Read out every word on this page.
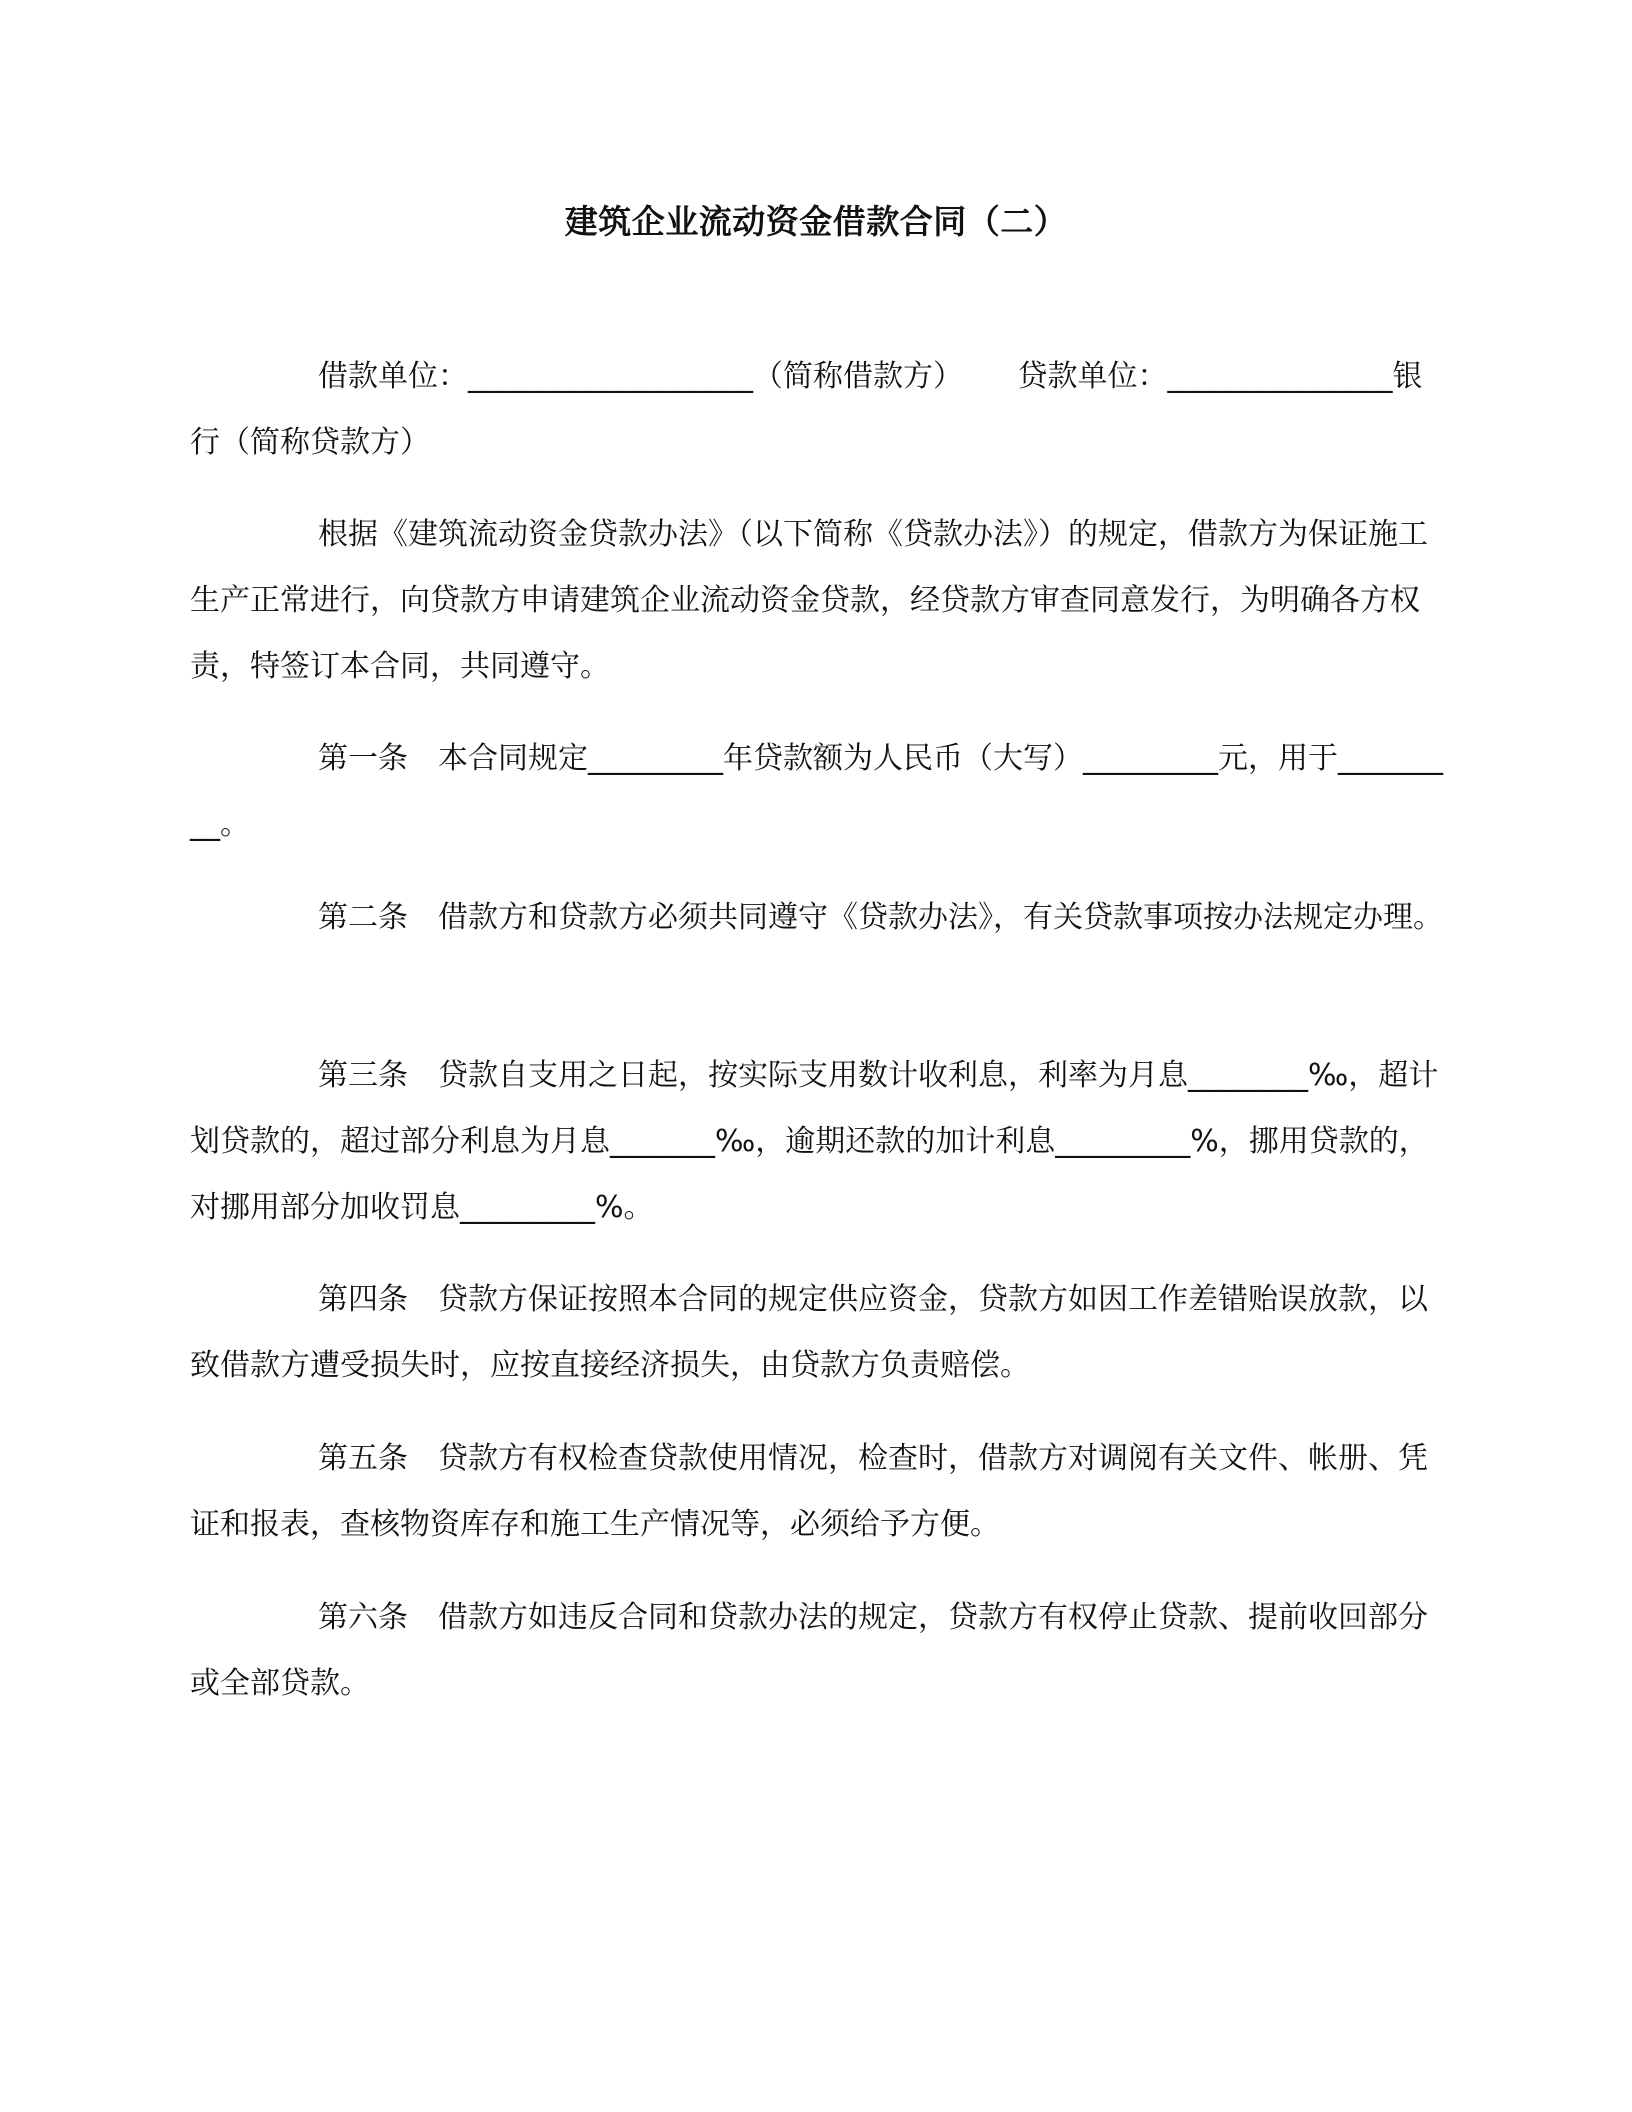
建筑企业流动资金借款合同（二）

借款单位：___________________（简称借款方）　　 贷款单位：_______________银行（简称贷款方）

根据《建筑流动资金贷款办法》（以下简称《贷款办法》）的规定，借款方为保证施工生产正常进行，向贷款方申请建筑企业流动资金贷款，经贷款方审查同意发行，为明确各方权责，特签订本合同，共同遵守。

第一条　本合同规定_________年贷款额为人民币（大写）_________元，用于_________。

第二条　借款方和贷款方必须共同遵守《贷款办法》，有关贷款事项按办法规定办理。

第三条　贷款自支用之日起，按实际支用数计收利息，利率为月息________‰，超计划贷款的，超过部分利息为月息_______‰，逾期还款的加计利息_________%，挪用贷款的，对挪用部分加收罚息_________%。

第四条　贷款方保证按照本合同的规定供应资金，贷款方如因工作差错贻误放款，以致借款方遭受损失时，应按直接经济损失，由贷款方负责赔偿。

第五条　贷款方有权检查贷款使用情况，检查时，借款方对调阅有关文件、帐册、凭证和报表，查核物资库存和施工生产情况等，必须给予方便。

第六条　借款方如违反合同和贷款办法的规定，贷款方有权停止贷款、提前收回部分或全部贷款。
